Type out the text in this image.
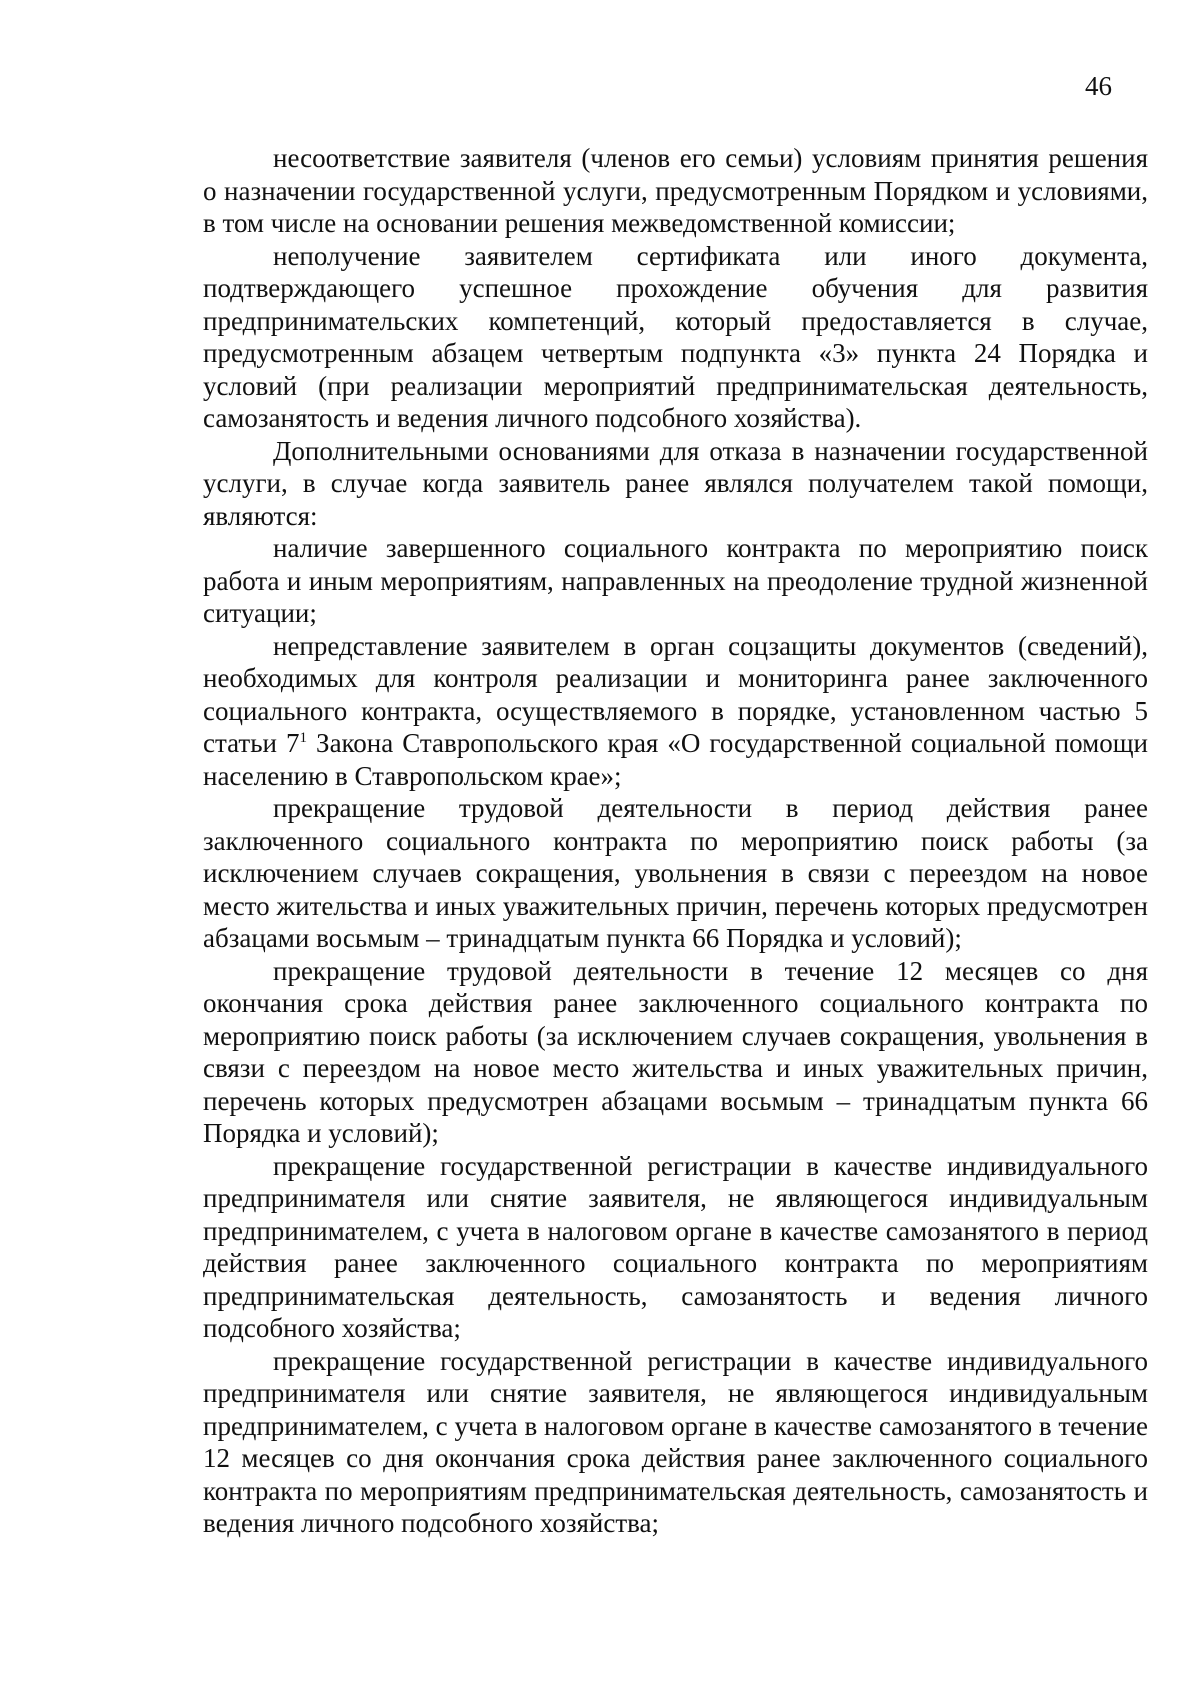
46

несоответствие заявителя (членов его семьи) условиям принятия решения о назначении государственной услуги, предусмотренным Порядком и условиями, в том числе на основании решения межведомственной комиссии;

неполучение заявителем сертификата или иного документа, подтверждающего успешное прохождение обучения для развития предпринимательских компетенций, который предоставляется в случае, предусмотренным абзацем четвертым подпункта «3» пункта 24 Порядка и условий (при реализации мероприятий предпринимательская деятельность, самозанятость и ведения личного подсобного хозяйства).

Дополнительными основаниями для отказа в назначении государственной услуги, в случае когда заявитель ранее являлся получателем такой помощи, являются:

наличие завершенного социального контракта по мероприятию поиск работа и иным мероприятиям, направленных на преодоление трудной жизненной ситуации;

непредставление заявителем в орган соцзащиты документов (сведений), необходимых для контроля реализации и мониторинга ранее заключенного социального контракта, осуществляемого в порядке, установленном частью 5 статьи $7^1$ Закона Ставропольского края «О государственной социальной помощи населению в Ставропольском крае»;

прекращение трудовой деятельности в период действия ранее заключенного социального контракта по мероприятию поиск работы (за исключением случаев сокращения, увольнения в связи с переездом на новое место жительства и иных уважительных причин, перечень которых предусмотрен абзацами восьмым – тринадцатым пункта 66 Порядка и условий);

прекращение трудовой деятельности в течение 12 месяцев со дня окончания срока действия ранее заключенного социального контракта по мероприятию поиск работы (за исключением случаев сокращения, увольнения в связи с переездом на новое место жительства и иных уважительных причин, перечень которых предусмотрен абзацами восьмым – тринадцатым пункта 66 Порядка и условий);

прекращение государственной регистрации в качестве индивидуального предпринимателя или снятие заявителя, не являющегося индивидуальным предпринимателем, с учета в налоговом органе в качестве самозанятого в период действия ранее заключенного социального контракта по мероприятиям предпринимательская деятельность, самозанятость и ведения личного подсобного хозяйства;

прекращение государственной регистрации в качестве индивидуального предпринимателя или снятие заявителя, не являющегося индивидуальным предпринимателем, с учета в налоговом органе в качестве самозанятого в течение 12 месяцев со дня окончания срока действия ранее заключенного социального контракта по мероприятиям предпринимательская деятельность, самозанятость и ведения личного подсобного хозяйства;
